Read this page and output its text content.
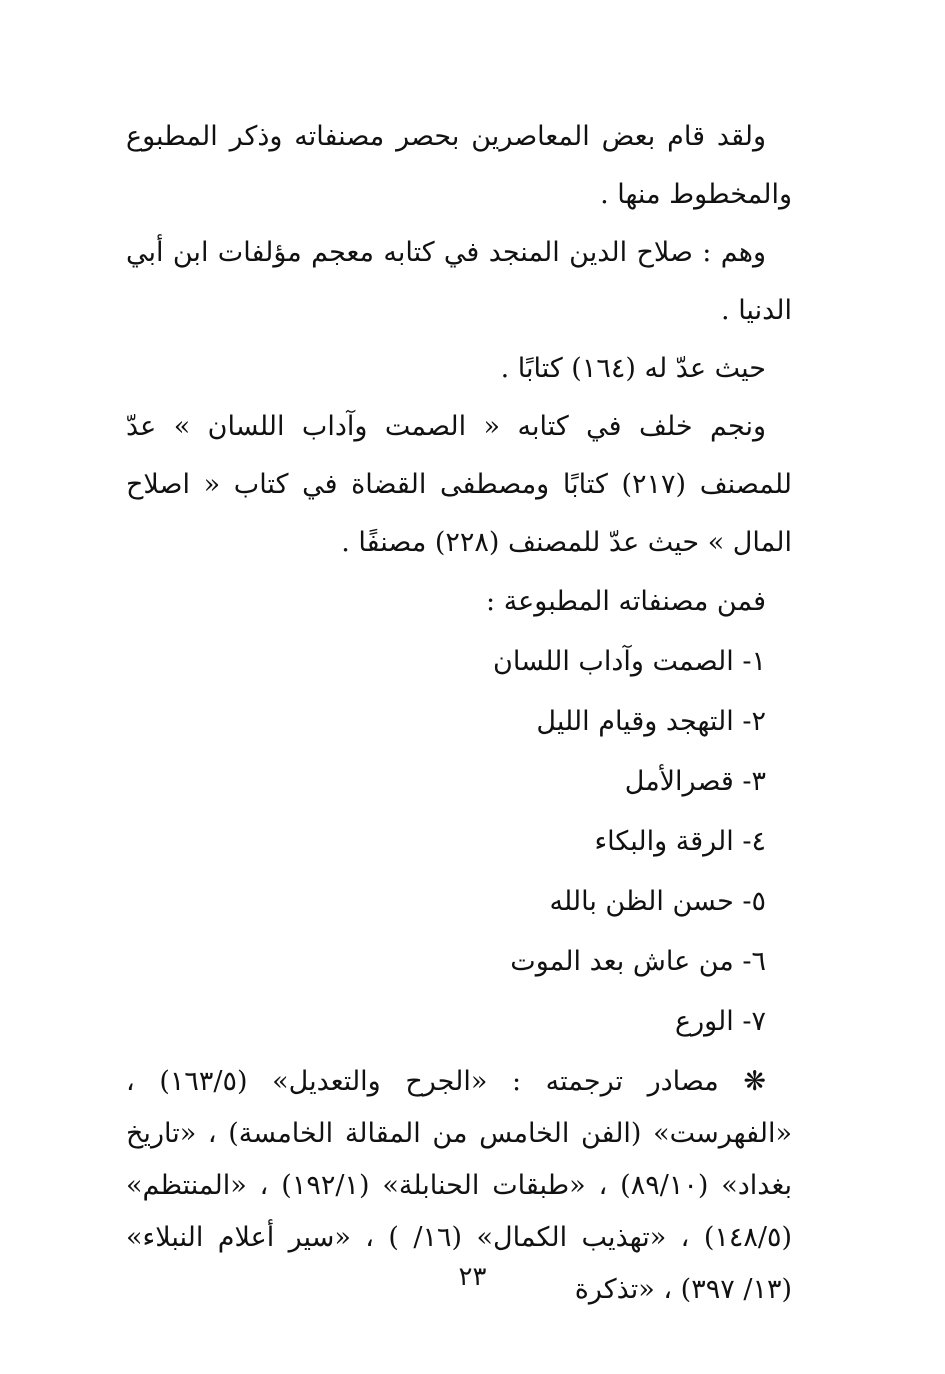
ولقد قام بعض المعاصرين بحصر مصنفاته وذكر المطبوع والمخطوط منها .

وهم : صلاح الدين المنجد في كتابه معجم مؤلفات ابن أبي الدنيا .

حيث عدّ له (١٦٤) كتابًا .

ونجم خلف في كتابه « الصمت وآداب اللسان » عدّ للمصنف (٢١٧) كتابًا ومصطفى القضاة في كتاب « اصلاح المال » حيث عدّ للمصنف (٢٢٨) مصنفًا .

فمن مصنفاته المطبوعة :
١- الصمت وآداب اللسان
٢- التهجد وقيام الليل
٣- قصرالأمل
٤- الرقة والبكاء
٥- حسن الظن بالله
٦- من عاش بعد الموت
٧- الورع

❋ مصادر ترجمته : «الجرح والتعديل» (١٦٣/٥) ، «الفهرست» (الفن الخامس من المقالة الخامسة) ، «تاريخ بغداد» (٨٩/١٠) ، «طبقات الحنابلة» (١٩٢/١) ، «المنتظم» (١٤٨/٥) ، «تهذيب الكمال» (١٦/ ) ، «سير أعلام النبلاء» (١٣/ ٣٩٧) ، «تذكرة

٢٣
